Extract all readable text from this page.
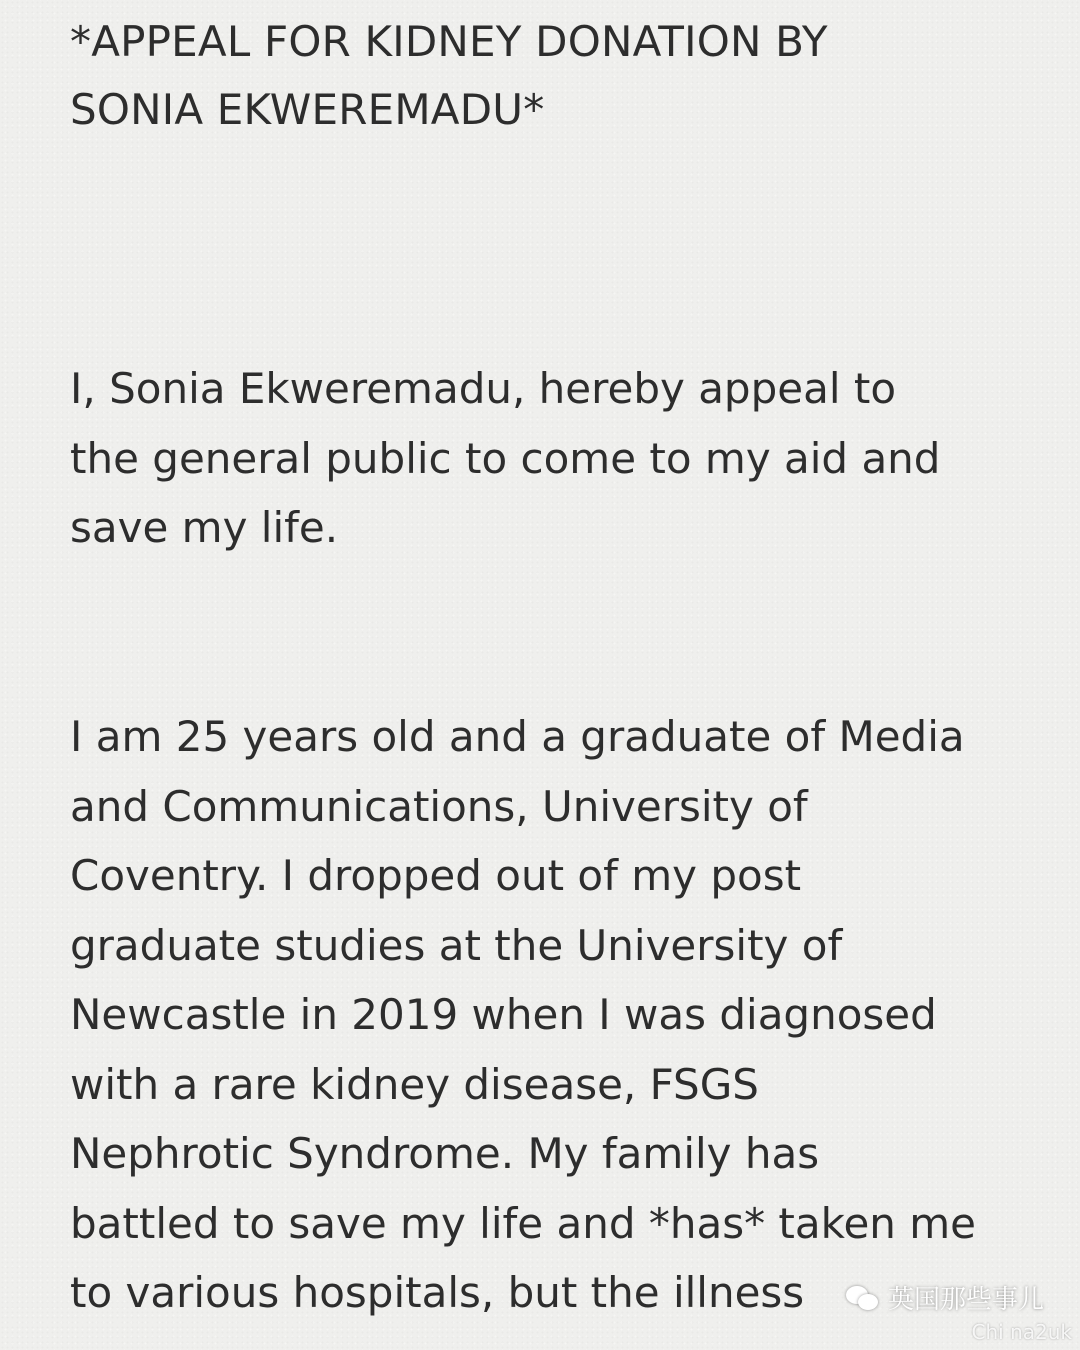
*APPEAL FOR KIDNEY DONATION BY
SONIA EKWEREMADU*

I, Sonia Ekweremadu, hereby appeal to
the general public to come to my aid and
save my life.

I am 25 years old and a graduate of Media
and Communications, University of
Coventry. I dropped out of my post
graduate studies at the University of
Newcastle in 2019 when I was diagnosed
with a rare kidney disease, FSGS
Nephrotic Syndrome. My family has
battled to save my life and *has* taken me
to various hospitals, but the illness	英国那些事儿
Chi na2uk
